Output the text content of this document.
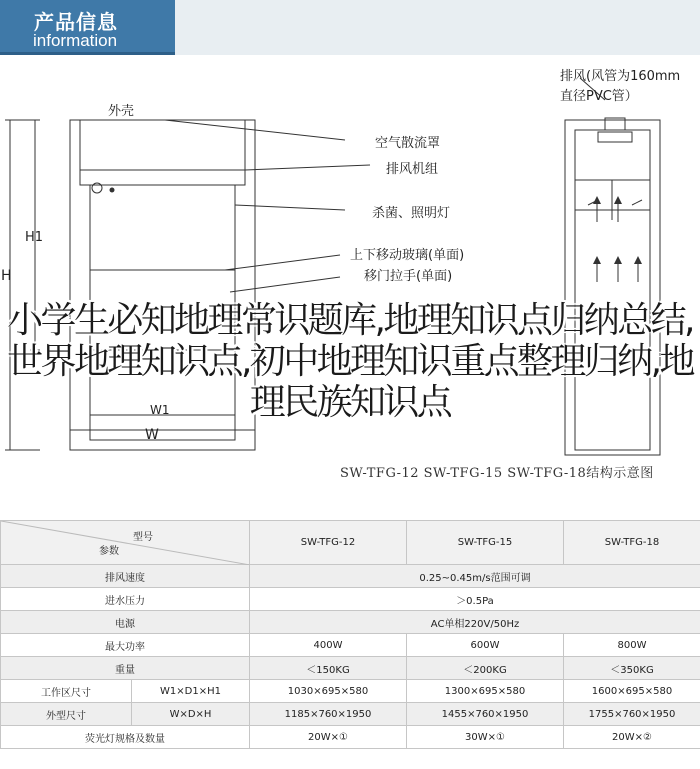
产品信息
information
外壳
排风(风管为160mm
直径PVC管）
空气散流罩
排风机组
杀菌、照明灯
上下移动玻璃(单面)
移门拉手(单面)
H
H1
W
W1
SW-TFG-12 SW-TFG-15 SW-TFG-18结构示意图
小学生必知地理常识题库,地理知识点归纳总结,世界地理知识点,初中地理知识重点整理归纳,地理民族知识点
型号
参数		SW-TFG-12	SW-TFG-15	SW-TFG-18
排风速度		0.25~0.45m/s范围可调		
进水压力		＞0.5Pa		
电源		AC单相220V/50Hz		
最大功率		400W	600W	800W
重量		＜150KG	＜200KG	＜350KG
工作区尺寸	W1×D1×H1	1030×695×580	1300×695×580	1600×695×580
外型尺寸	W×D×H	1185×760×1950	1455×760×1950	1755×760×1950
荧光灯规格及数量		20W×①	30W×①	20W×②
